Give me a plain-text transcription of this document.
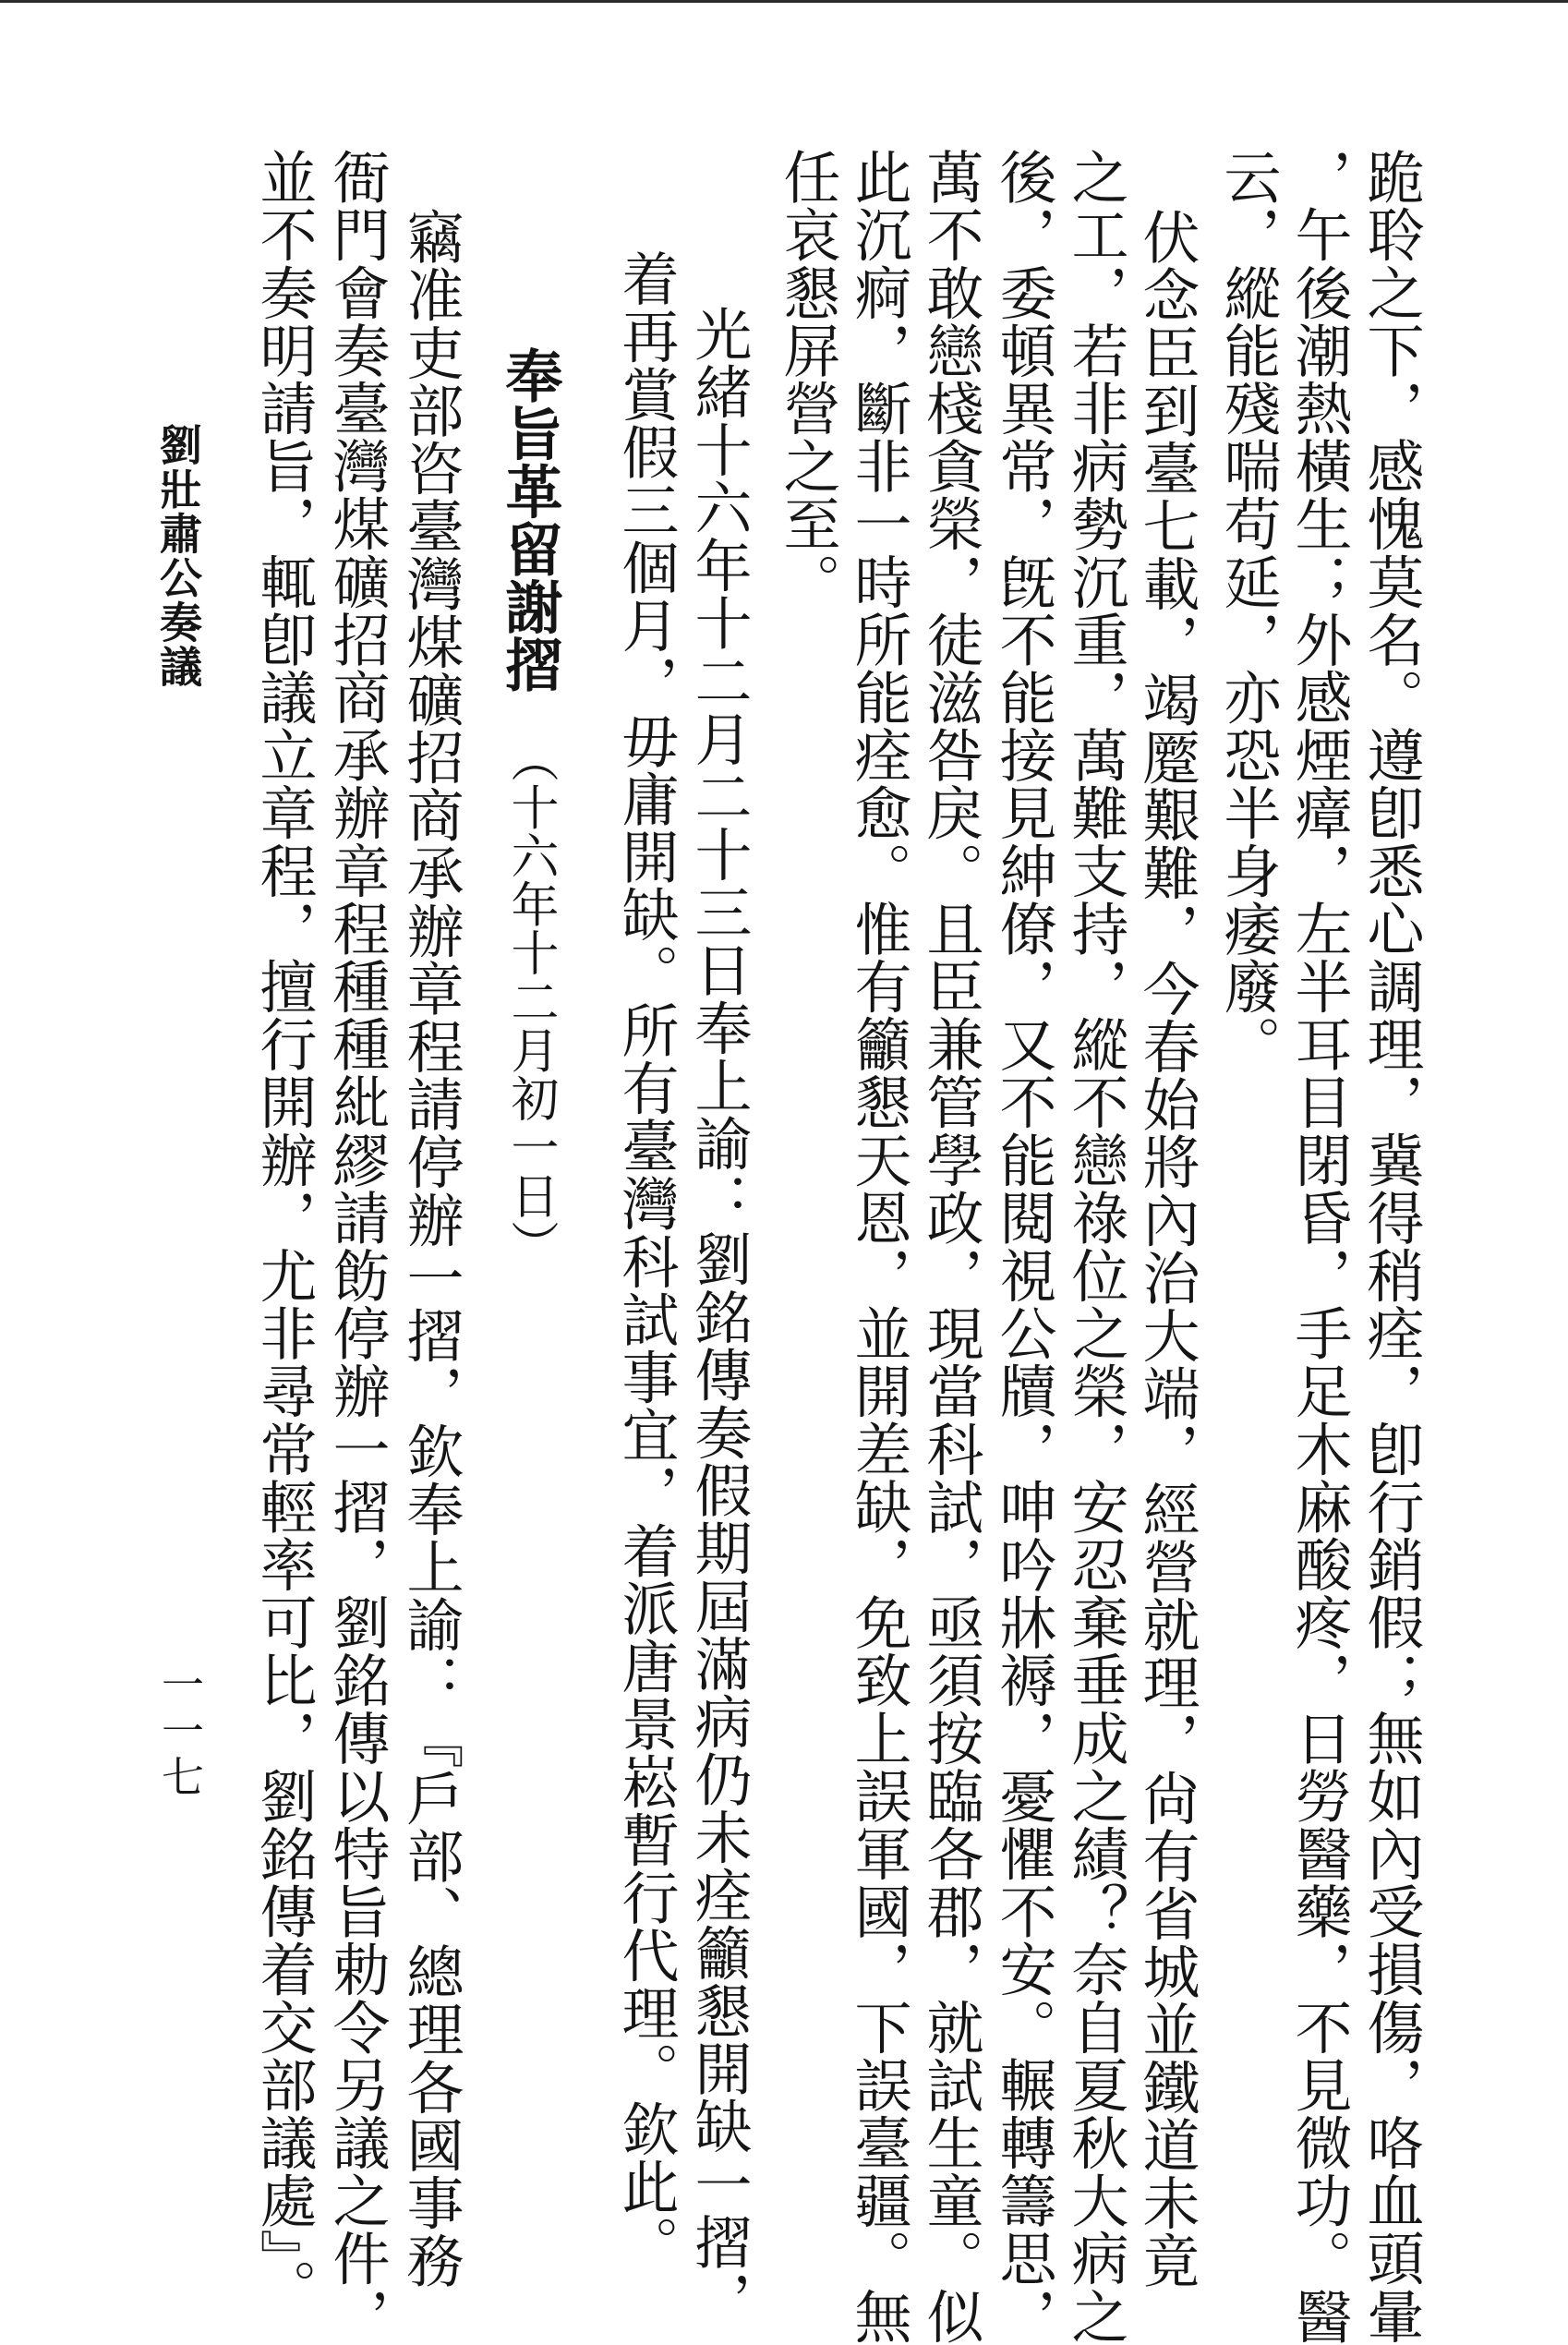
跪聆之下，感愧莫名。遵卽悉心調理，冀得稍痊，卽行銷假；無如內受損傷，咯血頭暈
，午後潮熱橫生；外感煙瘴，左半耳目閉昏，手足木麻酸疼，日勞醫藥，不見微功。醫
云，縱能殘喘苟延，亦恐半身痿廢。
伏念臣到臺七載，竭蹷艱難，今春始將內治大端，經營就理，尙有省城並鐵道未竟
之工，若非病勢沉重，萬難支持，縱不戀祿位之榮，安忍棄垂成之績？奈自夏秋大病之
後，委頓異常，旣不能接見紳僚，又不能閱視公牘，呻吟牀褥，憂懼不安。輾轉籌思，
萬不敢戀棧貪榮，徒滋咎戾。且臣兼管學政，現當科試，亟須按臨各郡，就試生童。似
此沉痾，斷非一時所能痊愈。惟有籲懇天恩，並開差缺，免致上誤軍國，下誤臺疆。無
任哀懇屏營之至。
光緒十六年十二月二十三日奉上諭：劉銘傳奏假期屆滿病仍未痊籲懇開缺一摺，
着再賞假三個月，毋庸開缺。所有臺灣科試事宜，着派唐景崧暫行代理。欽此。
奉旨革留謝摺
（十六年十二月初一日）
竊准吏部咨臺灣煤礦招商承辦章程請停辦一摺，欽奉上諭：『戶部、總理各國事務
衙門會奏臺灣煤礦招商承辦章程種種紕繆請飭停辦一摺，劉銘傳以特旨勅令另議之件，
並不奏明請旨，輒卽議立章程，擅行開辦，尤非尋常輕率可比，劉銘傳着交部議處』。
劉壯肅公奏議
一一七
